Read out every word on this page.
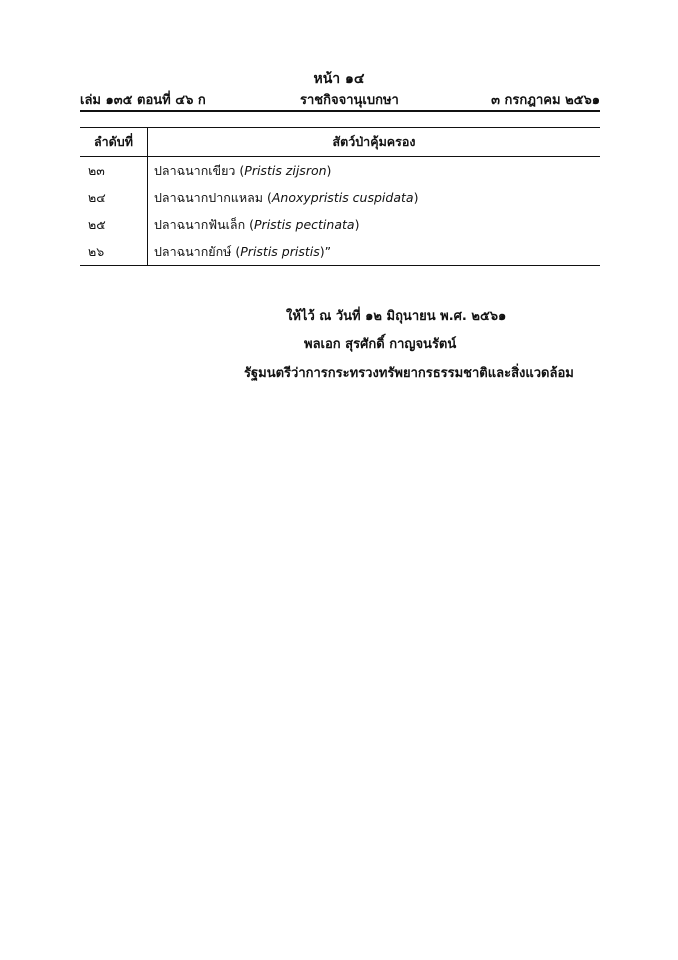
หน้า ๑๔
เล่ม ๑๓๕ ตอนที่ ๔๖ ก	ราชกิจจานุเบกษา	๓ กรกฎาคม ๒๕๖๑
ลำดับที่	สัตว์ป่าคุ้มครอง
๒๓	ปลาฉนากเขียว (Pristis zijsron)
๒๔	ปลาฉนากปากแหลม (Anoxypristis cuspidata)
๒๕	ปลาฉนากฟันเล็ก (Pristis pectinata)
๒๖	ปลาฉนากยักษ์ (Pristis pristis)”
ให้ไว้ ณ วันที่ ๑๒ มิถุนายน พ.ศ. ๒๕๖๑
พลเอก สุรศักดิ์ กาญจนรัตน์
รัฐมนตรีว่าการกระทรวงทรัพยากรธรรมชาติและสิ่งแวดล้อม
